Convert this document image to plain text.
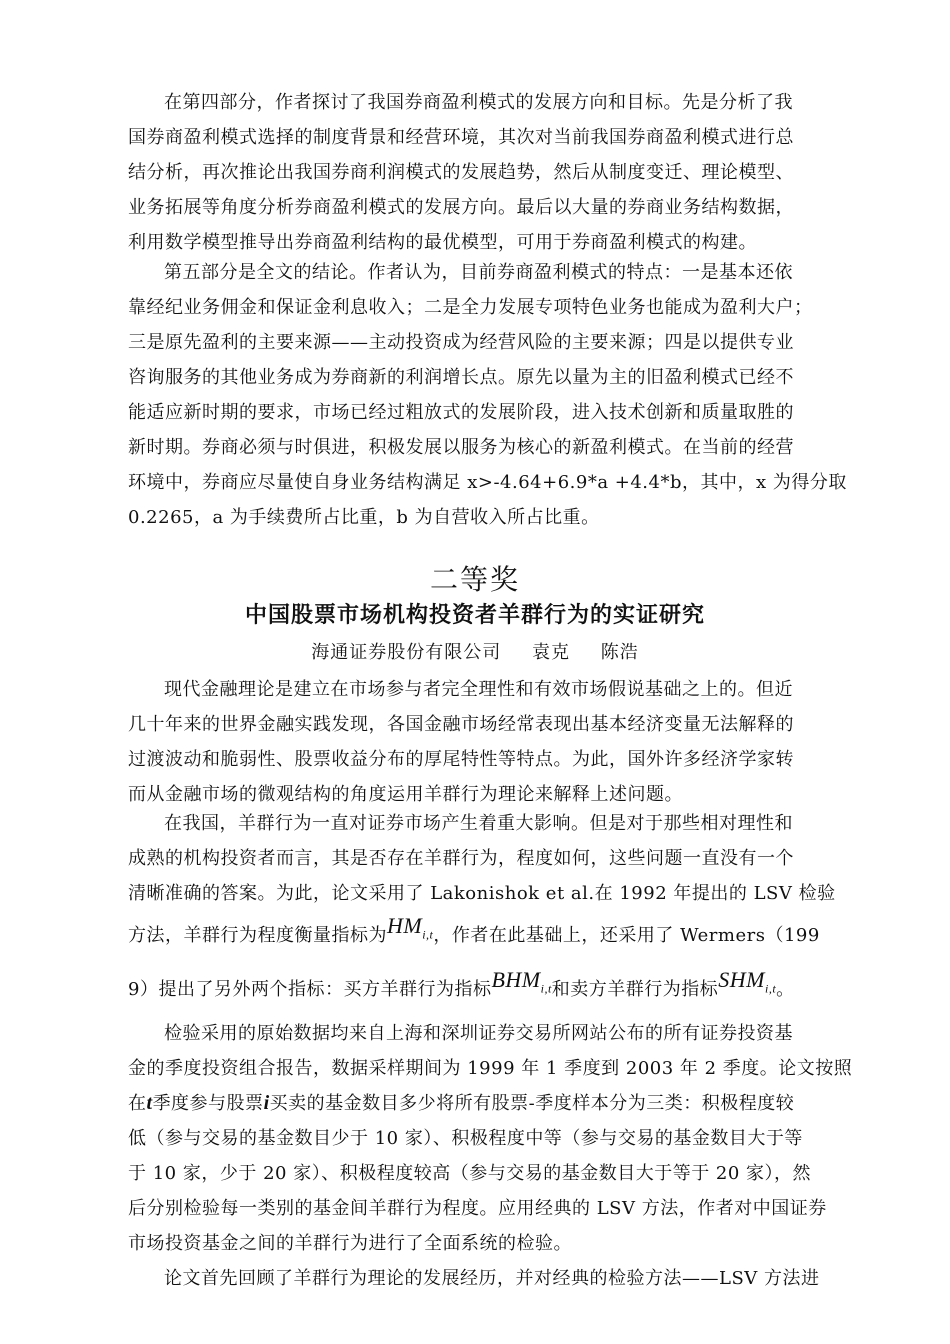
在第四部分，作者探讨了我国券商盈利模式的发展方向和目标。先是分析了我
国券商盈利模式选择的制度背景和经营环境，其次对当前我国券商盈利模式进行总
结分析，再次推论出我国券商利润模式的发展趋势，然后从制度变迁、理论模型、
业务拓展等角度分析券商盈利模式的发展方向。最后以大量的券商业务结构数据，
利用数学模型推导出券商盈利结构的最优模型，可用于券商盈利模式的构建。

第五部分是全文的结论。作者认为，目前券商盈利模式的特点：一是基本还依
靠经纪业务佣金和保证金利息收入；二是全力发展专项特色业务也能成为盈利大户；
三是原先盈利的主要来源——主动投资成为经营风险的主要来源；四是以提供专业
咨询服务的其他业务成为券商新的利润增长点。原先以量为主的旧盈利模式已经不
能适应新时期的要求，市场已经过粗放式的发展阶段，进入技术创新和质量取胜的
新时期。券商必须与时俱进，积极发展以服务为核心的新盈利模式。在当前的经营
环境中，券商应尽量使自身业务结构满足 x>-4.64+6.9*a +4.4*b，其中，x 为得分取
0.2265，a 为手续费所占比重，b 为自营收入所占比重。

二等奖
中国股票市场机构投资者羊群行为的实证研究
海通证券股份有限公司 袁克 陈浩

现代金融理论是建立在市场参与者完全理性和有效市场假说基础之上的。但近
几十年来的世界金融实践发现，各国金融市场经常表现出基本经济变量无法解释的
过渡波动和脆弱性、股票收益分布的厚尾特性等特点。为此，国外许多经济学家转
而从金融市场的微观结构的角度运用羊群行为理论来解释上述问题。

在我国，羊群行为一直对证券市场产生着重大影响。但是对于那些相对理性和
成熟的机构投资者而言，其是否存在羊群行为，程度如何，这些问题一直没有一个
清晰准确的答案。为此，论文采用了 Lakonishok et al.在 1992 年提出的 LSV 检验
方法，羊群行为程度衡量指标为$HM_{i,t}$，作者在此基础上，还采用了 Wermers（199
9）提出了另外两个指标：买方羊群行为指标$BHM_{i,t}$和卖方羊群行为指标$SHM_{i,t}$。

检验采用的原始数据均来自上海和深圳证券交易所网站公布的所有证券投资基
金的季度投资组合报告，数据采样期间为 1999 年 1 季度到 2003 年 2 季度。论文按照
在t季度参与股票i买卖的基金数目多少将所有股票-季度样本分为三类：积极程度较
低（参与交易的基金数目少于 10 家）、积极程度中等（参与交易的基金数目大于等
于 10 家，少于 20 家）、积极程度较高（参与交易的基金数目大于等于 20 家），然
后分别检验每一类别的基金间羊群行为程度。应用经典的 LSV 方法，作者对中国证券
市场投资基金之间的羊群行为进行了全面系统的检验。

论文首先回顾了羊群行为理论的发展经历，并对经典的检验方法——LSV 方法进
